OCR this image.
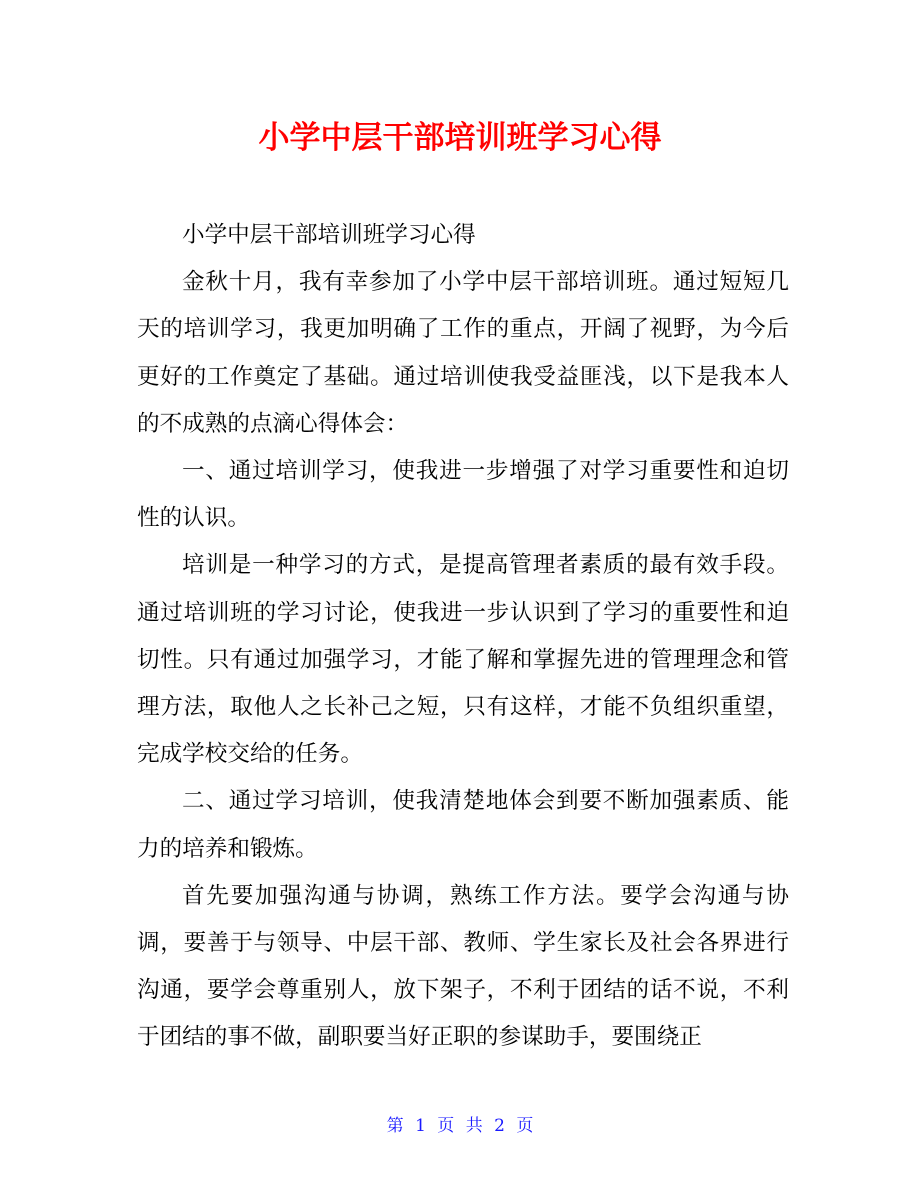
小学中层干部培训班学习心得

小学中层干部培训班学习心得

金秋十月，我有幸参加了小学中层干部培训班。通过短短几天的培训学习，我更加明确了工作的重点，开阔了视野，为今后更好的工作奠定了基础。通过培训使我受益匪浅，以下是我本人的不成熟的点滴心得体会：

一、通过培训学习，使我进一步增强了对学习重要性和迫切性的认识。

培训是一种学习的方式，是提高管理者素质的最有效手段。通过培训班的学习讨论，使我进一步认识到了学习的重要性和迫切性。只有通过加强学习，才能了解和掌握先进的管理理念和管理方法，取他人之长补己之短，只有这样，才能不负组织重望，完成学校交给的任务。

二、通过学习培训，使我清楚地体会到要不断加强素质、能力的培养和锻炼。

首先要加强沟通与协调，熟练工作方法。要学会沟通与协调，要善于与领导、中层干部、教师、学生家长及社会各界进行沟通，要学会尊重别人，放下架子，不利于团结的话不说，不利于团结的事不做，副职要当好正职的参谋助手，要围绕正

第 1 页 共 2 页
